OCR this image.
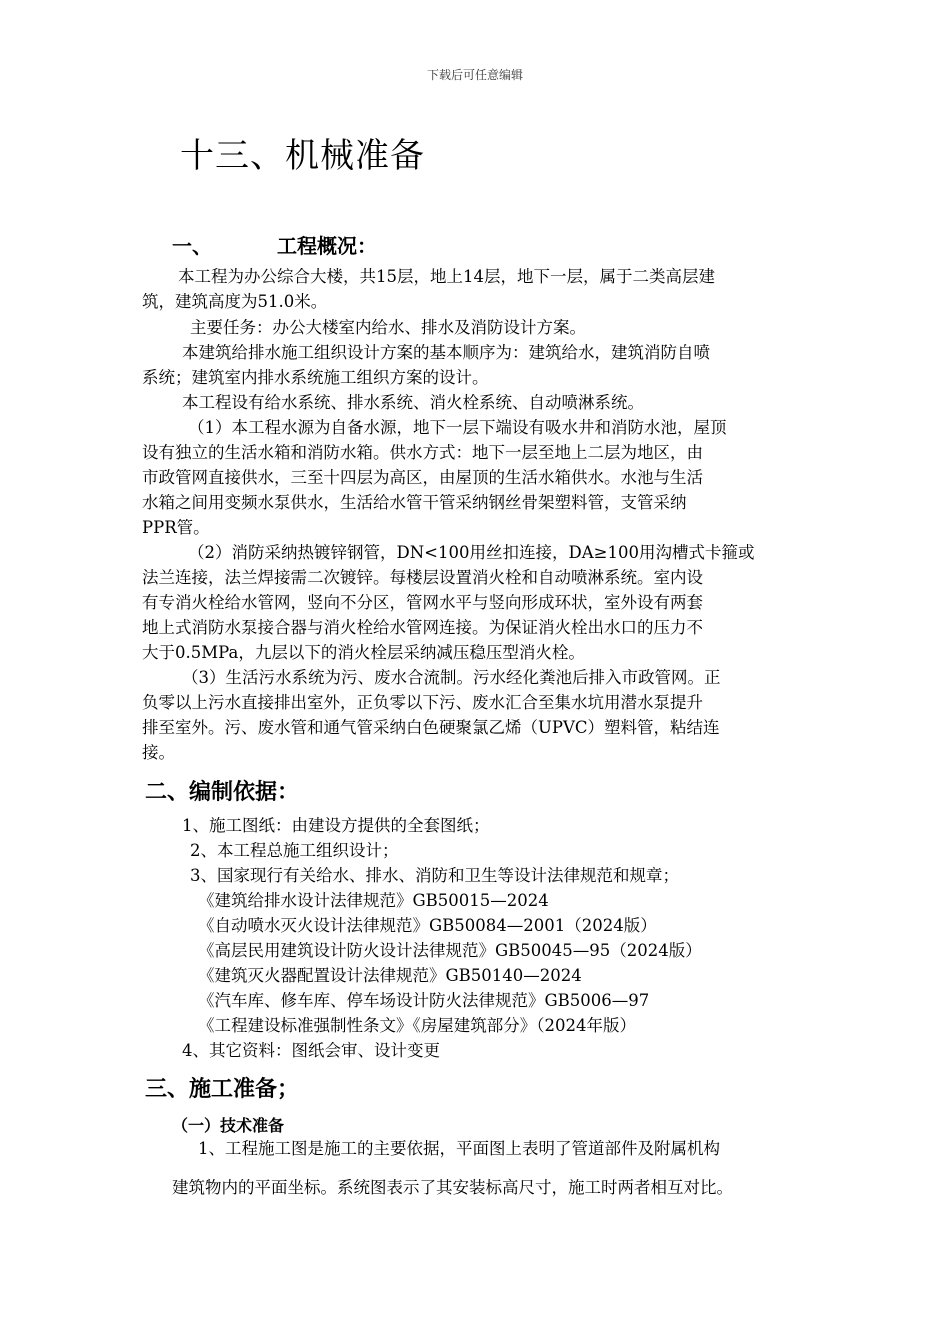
下载后可任意编辑
十三、机械准备
一、	工程概况：
本工程为办公综合大楼，共15层，地上14层，地下一层，属于二类高层建
筑，建筑高度为51.0米。
主要任务：办公大楼室内给水、排水及消防设计方案。
本建筑给排水施工组织设计方案的基本顺序为：建筑给水，建筑消防自喷
系统；建筑室内排水系统施工组织方案的设计。
本工程设有给水系统、排水系统、消火栓系统、自动喷淋系统。
（1）本工程水源为自备水源，地下一层下端设有吸水井和消防水池，屋顶
设有独立的生活水箱和消防水箱。供水方式：地下一层至地上二层为地区，由
市政管网直接供水，三至十四层为高区，由屋顶的生活水箱供水。水池与生活
水箱之间用变频水泵供水，生活给水管干管采纳钢丝骨架塑料管，支管采纳
PPR管。
（2）消防采纳热镀锌钢管，DN<100用丝扣连接，DA≥100用沟槽式卡箍或
法兰连接，法兰焊接需二次镀锌。每楼层设置消火栓和自动喷淋系统。室内设
有专消火栓给水管网，竖向不分区，管网水平与竖向形成环状，室外设有两套
地上式消防水泵接合器与消火栓给水管网连接。为保证消火栓出水口的压力不
大于0.5MPa，九层以下的消火栓层采纳减压稳压型消火栓。
（3）生活污水系统为污、废水合流制。污水经化粪池后排入市政管网。正
负零以上污水直接排出室外，正负零以下污、废水汇合至集水坑用潜水泵提升
排至室外。污、废水管和通气管采纳白色硬聚氯乙烯（UPVC）塑料管，粘结连
接。
二、编制依据：
1、施工图纸：由建设方提供的全套图纸；
2、本工程总施工组织设计；
3、国家现行有关给水、排水、消防和卫生等设计法律规范和规章；
《建筑给排水设计法律规范》GB50015—2024
《自动喷水灭火设计法律规范》GB50084—2001（2024版）
《高层民用建筑设计防火设计法律规范》GB50045—95（2024版）
《建筑灭火器配置设计法律规范》GB50140—2024
《汽车库、修车库、停车场设计防火法律规范》GB5006—97
《工程建设标准强制性条文》《房屋建筑部分》（2024年版）
4、其它资料：图纸会审、设计变更
三、施工准备；
（一）技术准备
1、工程施工图是施工的主要依据，平面图上表明了管道部件及附属机构
建筑物内的平面坐标。系统图表示了其安装标高尺寸，施工时两者相互对比。
